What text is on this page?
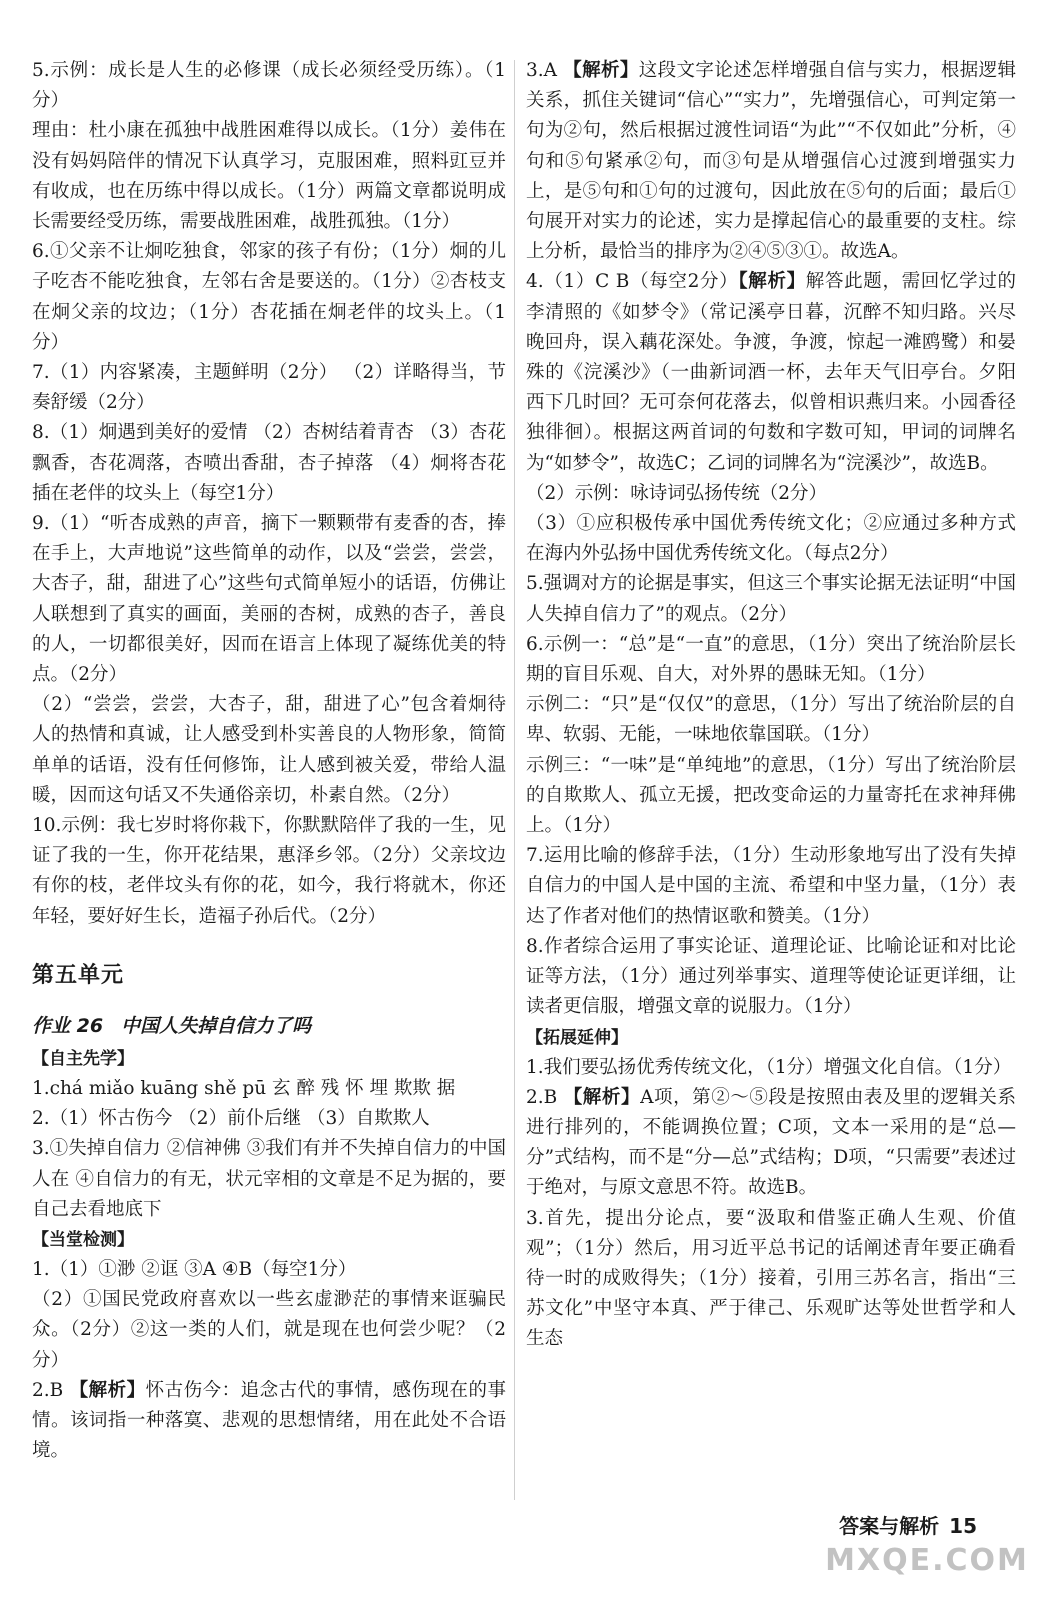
5.示例：成长是人生的必修课（成长必须经受历练）。（1分）

理由：杜小康在孤独中战胜困难得以成长。（1分）姜伟在没有妈妈陪伴的情况下认真学习，克服困难，照料豇豆并有收成，也在历练中得以成长。（1分）两篇文章都说明成长需要经受历练，需要战胜困难，战胜孤独。（1分）

6.①父亲不让炯吃独食，邻家的孩子有份；（1分）炯的儿子吃杏不能吃独食，左邻右舍是要送的。（1分）②杏枝支在炯父亲的坟边；（1分）杏花插在炯老伴的坟头上。（1分）

7.（1）内容紧凑，主题鲜明（2分） （2）详略得当，节奏舒缓（2分）

8.（1）炯遇到美好的爱情 （2）杏树结着青杏 （3）杏花飘香，杏花凋落，杏喷出香甜，杏子掉落 （4）炯将杏花插在老伴的坟头上（每空1分）

9.（1）“听杏成熟的声音，摘下一颗颗带有麦香的杏，捧在手上，大声地说”这些简单的动作，以及“尝尝，尝尝，大杏子，甜，甜进了心”这些句式简单短小的话语，仿佛让人联想到了真实的画面，美丽的杏树，成熟的杏子，善良的人，一切都很美好，因而在语言上体现了凝练优美的特点。（2分）

（2）“尝尝，尝尝，大杏子，甜，甜进了心”包含着炯待人的热情和真诚，让人感受到朴实善良的人物形象，简简单单的话语，没有任何修饰，让人感到被关爱，带给人温暖，因而这句话又不失通俗亲切，朴素自然。（2分）

10.示例：我七岁时将你栽下，你默默陪伴了我的一生，见证了我的一生，你开花结果，惠泽乡邻。（2分）父亲坟边有你的枝，老伴坟头有你的花，如今，我行将就木，你还年轻，要好好生长，造福子孙后代。（2分）

第五单元
作业 26 中国人失掉自信力了吗

【自主先学】

1.chá miǎo kuāng shě pū 玄 醉 残 怀 埋 欺欺 据

2.（1）怀古伤今 （2）前仆后继 （3）自欺欺人

3.①失掉自信力 ②信神佛 ③我们有并不失掉自信力的中国人在 ④自信力的有无，状元宰相的文章是不足为据的，要自己去看地底下

【当堂检测】

1.（1）①渺 ②诓 ③A ④B（每空1分）

（2）①国民党政府喜欢以一些玄虚渺茫的事情来诓骗民众。（2分）②这一类的人们，就是现在也何尝少呢？（2分）

2.B 【解析】怀古伤今：追念古代的事情，感伤现在的事情。该词指一种落寞、悲观的思想情绪，用在此处不合语境。

3.A 【解析】这段文字论述怎样增强自信与实力，根据逻辑关系，抓住关键词“信心”“实力”，先增强信心，可判定第一句为②句，然后根据过渡性词语“为此”“不仅如此”分析，④句和⑤句紧承②句，而③句是从增强信心过渡到增强实力上，是⑤句和①句的过渡句，因此放在⑤句的后面；最后①句展开对实力的论述，实力是撑起信心的最重要的支柱。综上分析，最恰当的排序为②④⑤③①。故选A。

4.（1）C B（每空2分）【解析】解答此题，需回忆学过的李清照的《如梦令》（常记溪亭日暮，沉醉不知归路。兴尽晚回舟，误入藕花深处。争渡，争渡，惊起一滩鸥鹭）和晏殊的《浣溪沙》（一曲新词酒一杯，去年天气旧亭台。夕阳西下几时回？无可奈何花落去，似曾相识燕归来。小园香径独徘徊）。根据这两首词的句数和字数可知，甲词的词牌名为“如梦令”，故选C；乙词的词牌名为“浣溪沙”，故选B。

（2）示例：咏诗词弘扬传统（2分）

（3）①应积极传承中国优秀传统文化；②应通过多种方式在海内外弘扬中国优秀传统文化。（每点2分）

5.强调对方的论据是事实，但这三个事实论据无法证明“中国人失掉自信力了”的观点。（2分）

6.示例一：“总”是“一直”的意思，（1分）突出了统治阶层长期的盲目乐观、自大，对外界的愚昧无知。（1分）

示例二：“只”是“仅仅”的意思，（1分）写出了统治阶层的自卑、软弱、无能，一味地依靠国联。（1分）

示例三：“一味”是“单纯地”的意思，（1分）写出了统治阶层的自欺欺人、孤立无援，把改变命运的力量寄托在求神拜佛上。（1分）

7.运用比喻的修辞手法，（1分）生动形象地写出了没有失掉自信力的中国人是中国的主流、希望和中坚力量，（1分）表达了作者对他们的热情讴歌和赞美。（1分）

8.作者综合运用了事实论证、道理论证、比喻论证和对比论证等方法，（1分）通过列举事实、道理等使论证更详细，让读者更信服，增强文章的说服力。（1分）

【拓展延伸】

1.我们要弘扬优秀传统文化，（1分）增强文化自信。（1分）

2.B 【解析】A项，第②～⑤段是按照由表及里的逻辑关系进行排列的，不能调换位置；C项，文本一采用的是“总—分”式结构，而不是“分—总”式结构；D项，“只需要”表述过于绝对，与原文意思不符。故选B。

3.首先，提出分论点，要“汲取和借鉴正确人生观、价值观”；（1分）然后，用习近平总书记的话阐述青年要正确看待一时的成败得失；（1分）接着，引用三苏名言，指出“三苏文化”中坚守本真、严于律己、乐观旷达等处世哲学和人生态

答案与解析 15
MXQE.COM
